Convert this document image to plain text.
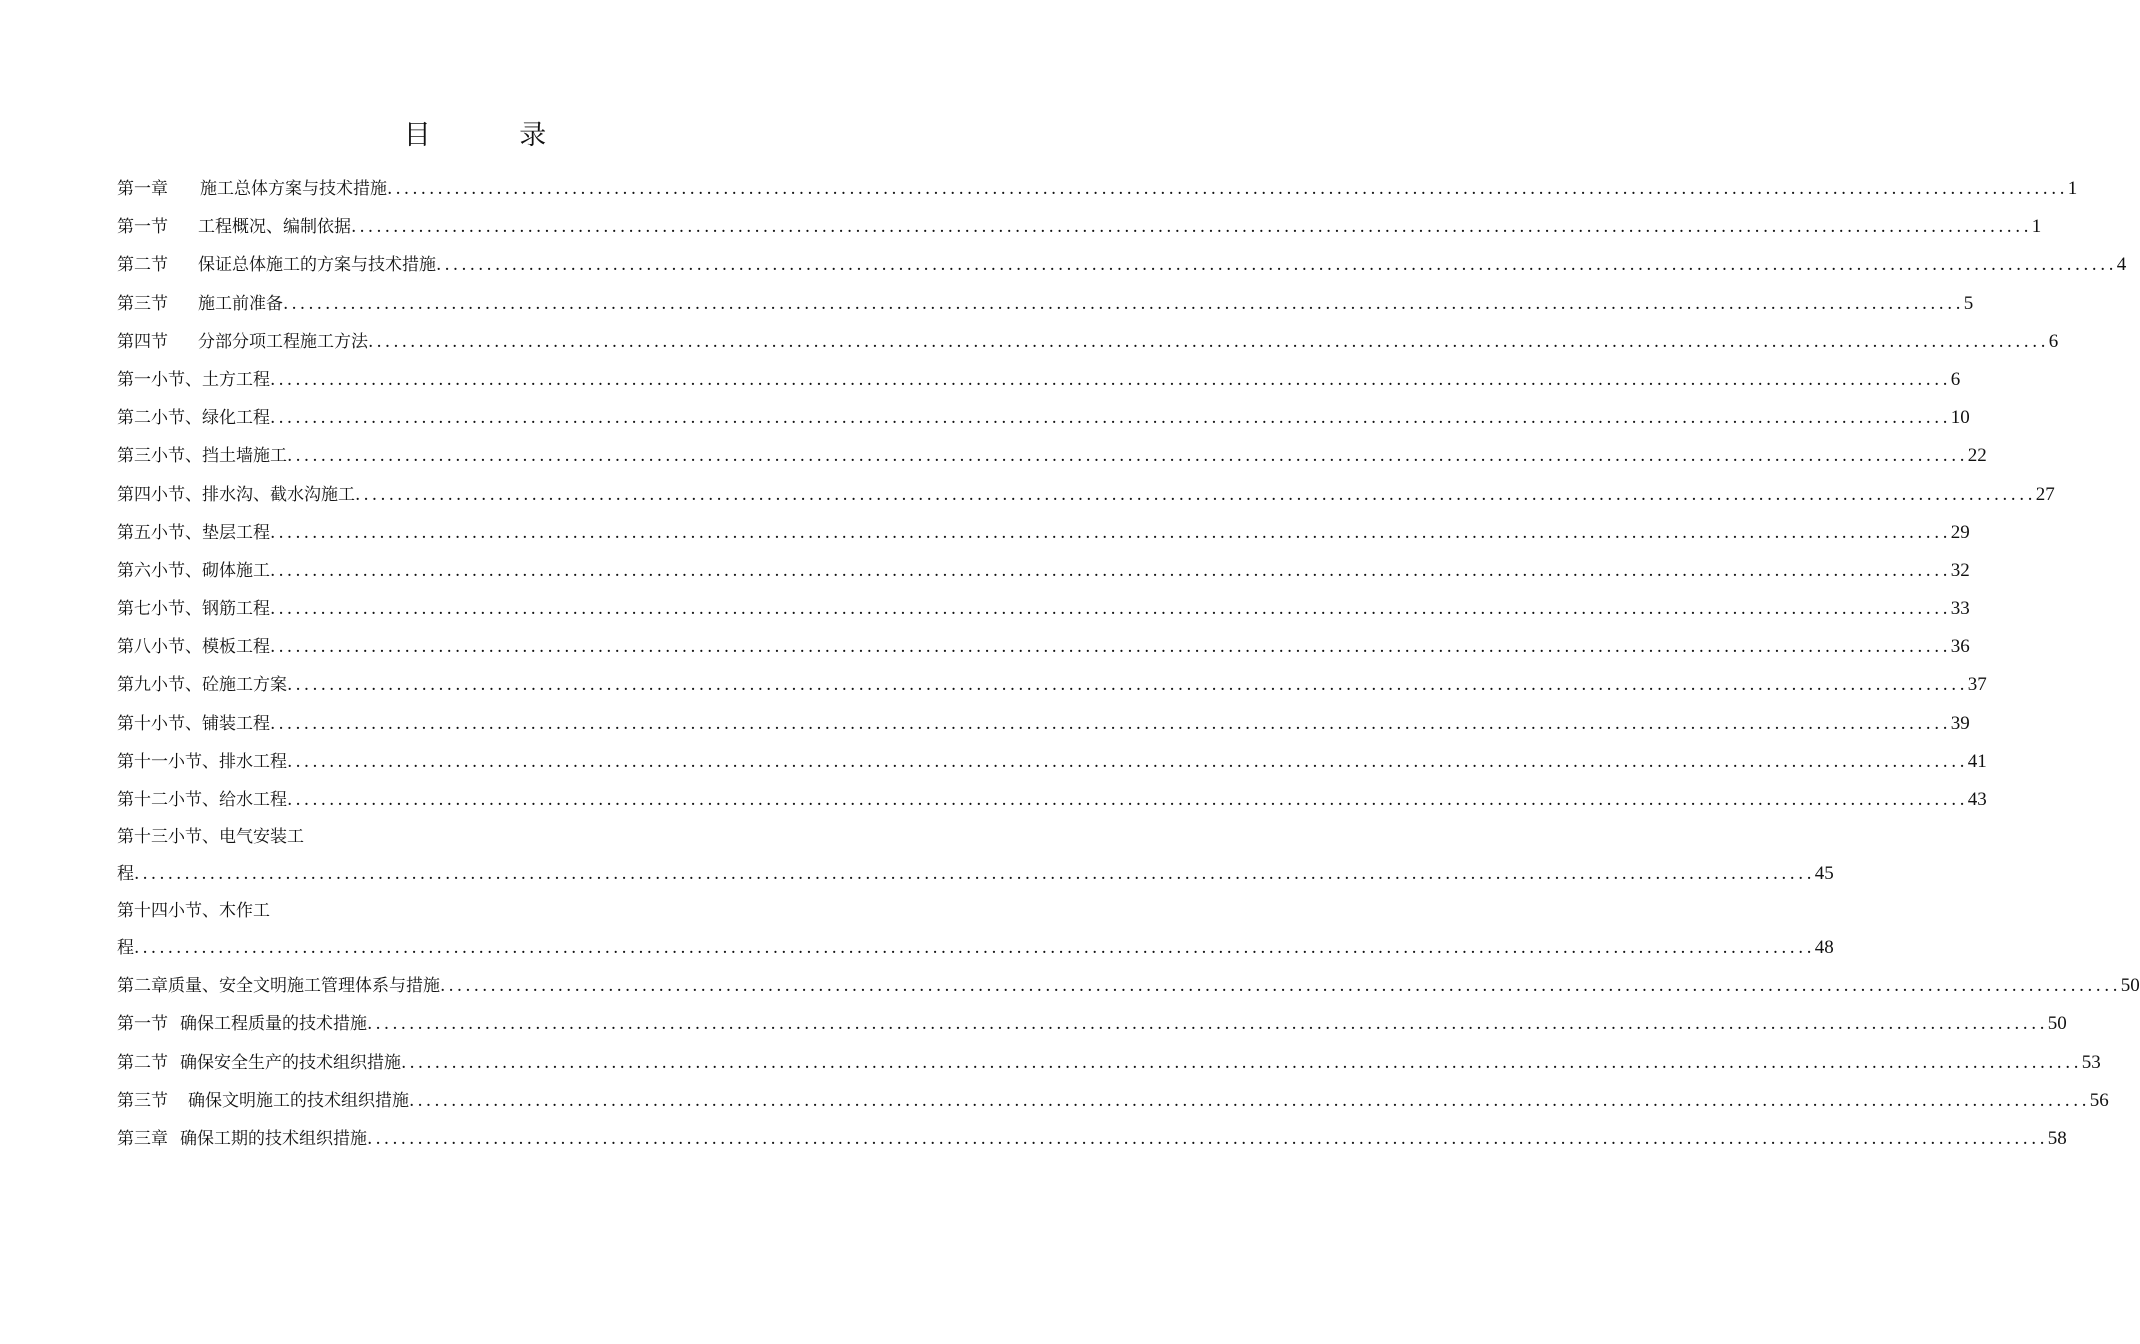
目 录
第一章 施工总体方案与技术措施 ........................................................................................................................................................................................................ 1
第一节 工程概况、编制依据 ........................................................................................................................................................................................................ 1
第二节 保证总体施工的方案与技术措施 ........................................................................................................................................................................................................ 4
第三节 施工前准备 ........................................................................................................................................................................................................ 5
第四节 分部分项工程施工方法 ........................................................................................................................................................................................................ 6
第一小节、土方工程 ........................................................................................................................................................................................................ 6
第二小节、绿化工程 ........................................................................................................................................................................................................ 10
第三小节、挡土墙施工 ........................................................................................................................................................................................................ 22
第四小节、排水沟、截水沟施工 ........................................................................................................................................................................................................ 27
第五小节、垫层工程 ........................................................................................................................................................................................................ 29
第六小节、砌体施工 ........................................................................................................................................................................................................ 32
第七小节、钢筋工程 ........................................................................................................................................................................................................ 33
第八小节、模板工程 ........................................................................................................................................................................................................ 36
第九小节、砼施工方案 ........................................................................................................................................................................................................ 37
第十小节、铺装工程 ........................................................................................................................................................................................................ 39
第十一小节、排水工程 ........................................................................................................................................................................................................ 41
第十二小节、给水工程 ........................................................................................................................................................................................................ 43
第十三小节、电气安装工
程 ........................................................................................................................................................................................................ 45
第十四小节、木作工
程 ........................................................................................................................................................................................................ 48
第二章质量、安全文明施工管理体系与措施 ........................................................................................................................................................................................................ 50
第一节 确保工程质量的技术措施 ........................................................................................................................................................................................................ 50
第二节 确保安全生产的技术组织措施 ........................................................................................................................................................................................................ 53
第三节 确保文明施工的技术组织措施 ........................................................................................................................................................................................................ 56
第三章 确保工期的技术组织措施 ........................................................................................................................................................................................................ 58
